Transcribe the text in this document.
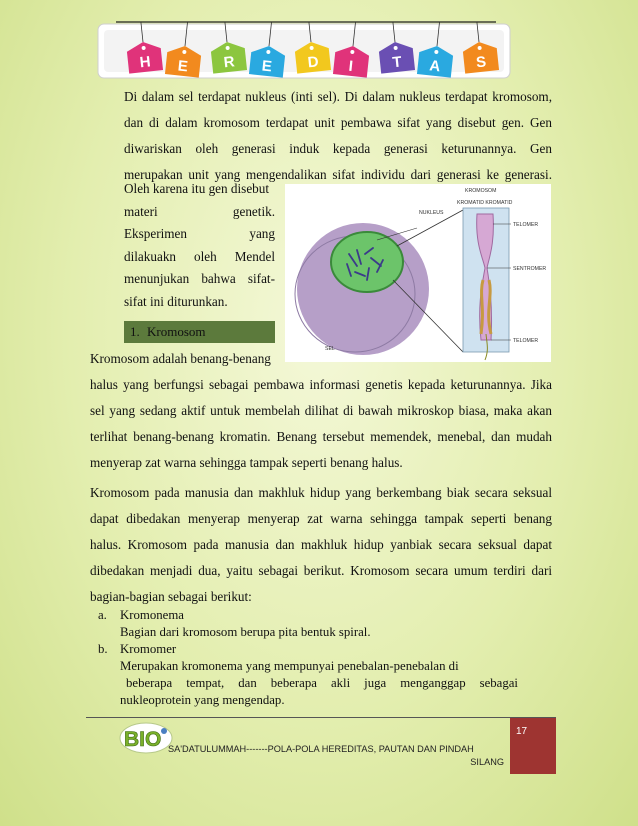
H E R E D I	T A S
Di dalam sel terdapat nukleus (inti sel). Di dalam nukleus terdapat kromosom,
dan di dalam kromosom terdapat unit pembawa sifat yang disebut gen. Gen
diwariskan oleh generasi induk kepada generasi keturunannya. Gen
merupakan unit yang mengendalikan sifat individu dari generasi ke generasi.
Oleh karena itu gen disebut
materi genetik.
Eksperimen yang
dilakuakn oleh Mendel
menunjukan bahwa sifat-
sifat ini diturunkan.
1. Kromosom
KROMOSOM
KROMATID KROMATID
TELOMER
SENTROMER
TELOMER
NUKLEUS
SEL
Kromosom adalah benang-benang
halus yang berfungsi sebagai pembawa informasi genetis kepada keturunannya. Jika
sel yang sedang aktif untuk membelah dilihat di bawah mikroskop biasa, maka akan
terlihat benang-benang kromatin. Benang tersebut memendek, menebal, dan mudah
menyerap zat warna sehingga tampak seperti benang halus.
Kromosom pada manusia dan makhluk hidup yang berkembang biak secara seksual
dapat dibedakan menyerap menyerap zat warna sehingga tampak seperti benang
halus. Kromosom pada manusia dan makhluk hidup yanbiak secara seksual dapat
dibedakan menjadi dua, yaitu sebagai berikut. Kromosom secara umum terdiri dari
bagian-bagian sebagai berikut:
a.	Kromonema
Bagian dari kromosom berupa pita bentuk spiral.
b. Kromomer
Merupakan kromonema yang mempunyai penebalan-penebalan di
beberapa tempat, dan beberapa akli juga menganggap sebagai
nukleoprotein yang mengendap.
17
BIO SA'DATULUMMAH-------POLA-POLA HEREDITAS, PAUTAN DAN PINDAH
SILANG
